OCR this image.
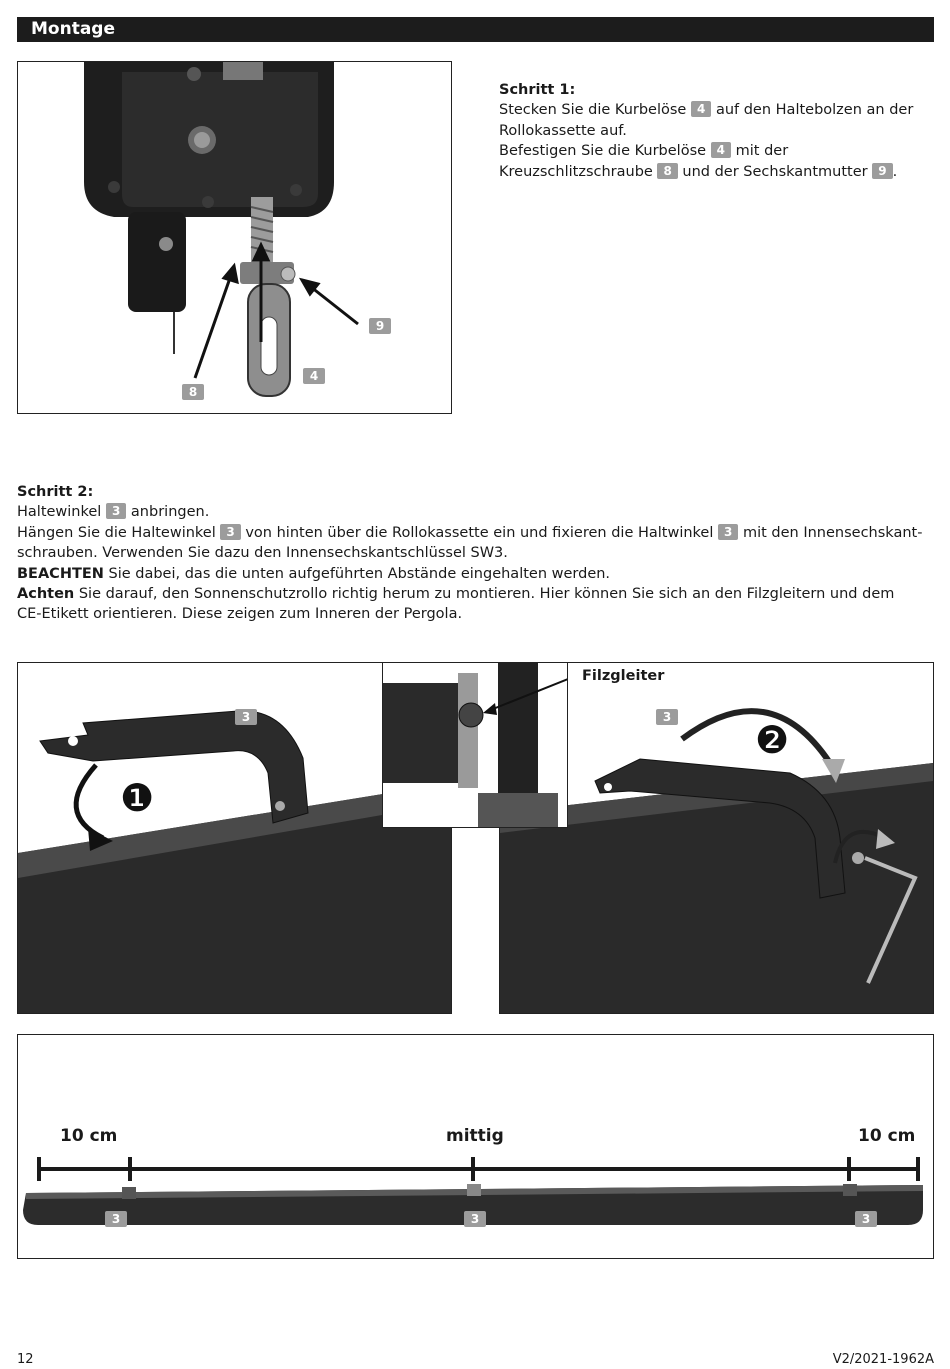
Montage
9
4
8
Schritt 1:
Stecken Sie die Kurbelöse 4 auf den Haltebolzen an der
Rollokassette auf.
Befestigen Sie die Kurbelöse 4 mit der
Kreuzschlitzschraube 8 und der Sechskantmutter 9 .
Schritt 2:
Haltewinkel 3 anbringen.
Hängen Sie die Haltewinkel 3 von hinten über die Rollokassette ein und fixieren die Haltwinkel 3 mit den Innensechskant-
schrauben. Verwenden Sie dazu den Innensechskantschlüssel SW3.
BEACHTEN Sie dabei, das die unten aufgeführten Abstände eingehalten werden.
Achten Sie darauf, den Sonnenschutzrollo richtig herum zu montieren. Hier können Sie sich an den Filzgleitern und dem
CE-Etikett orientieren. Diese zeigen zum Inneren der Pergola.
❶
3
❷
3
Filzgleiter
10 cm	mittig	10 cm
3	3	3
12	V2/2021-1962A
